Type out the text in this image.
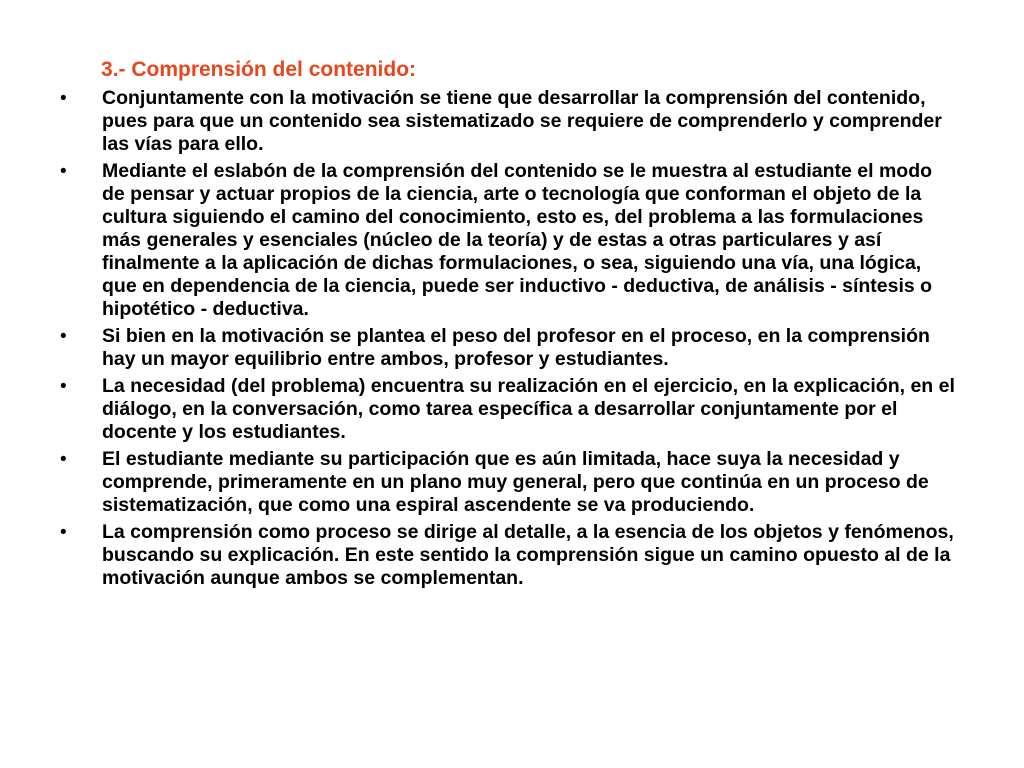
3.- Comprensión del contenido:
• Conjuntamente con la motivación se tiene que desarrollar la comprensión del contenido, pues para que un contenido sea sistematizado se requiere de comprenderlo y comprender las vías para ello.
• Mediante el eslabón de la comprensión del contenido se le muestra al estudiante el modo de pensar y actuar propios de la ciencia, arte o tecnología que conforman el objeto de la cultura siguiendo el camino del conocimiento, esto es, del problema a las formulaciones más generales y esenciales (núcleo de la teoría) y de estas a otras particulares y así finalmente a la aplicación de dichas formulaciones, o sea, siguiendo una vía, una lógica, que en dependencia de la ciencia, puede ser inductivo - deductiva, de análisis - síntesis o hipotético - deductiva.
• Si bien en la motivación se plantea el peso del profesor en el proceso, en la comprensión hay un mayor equilibrio entre ambos, profesor y estudiantes.
• La necesidad (del problema) encuentra su realización en el ejercicio, en la explicación, en el diálogo, en la conversación, como tarea específica a desarrollar conjuntamente por el docente y los estudiantes.
• El estudiante mediante su participación que es aún limitada, hace suya la necesidad y comprende, primeramente en un plano muy general, pero que continúa en un proceso de sistematización, que como una espiral ascendente se va produciendo.
• La comprensión como proceso se dirige al detalle, a la esencia de los objetos y fenómenos, buscando su explicación. En este sentido la comprensión sigue un camino opuesto al de la motivación aunque ambos se complementan.
